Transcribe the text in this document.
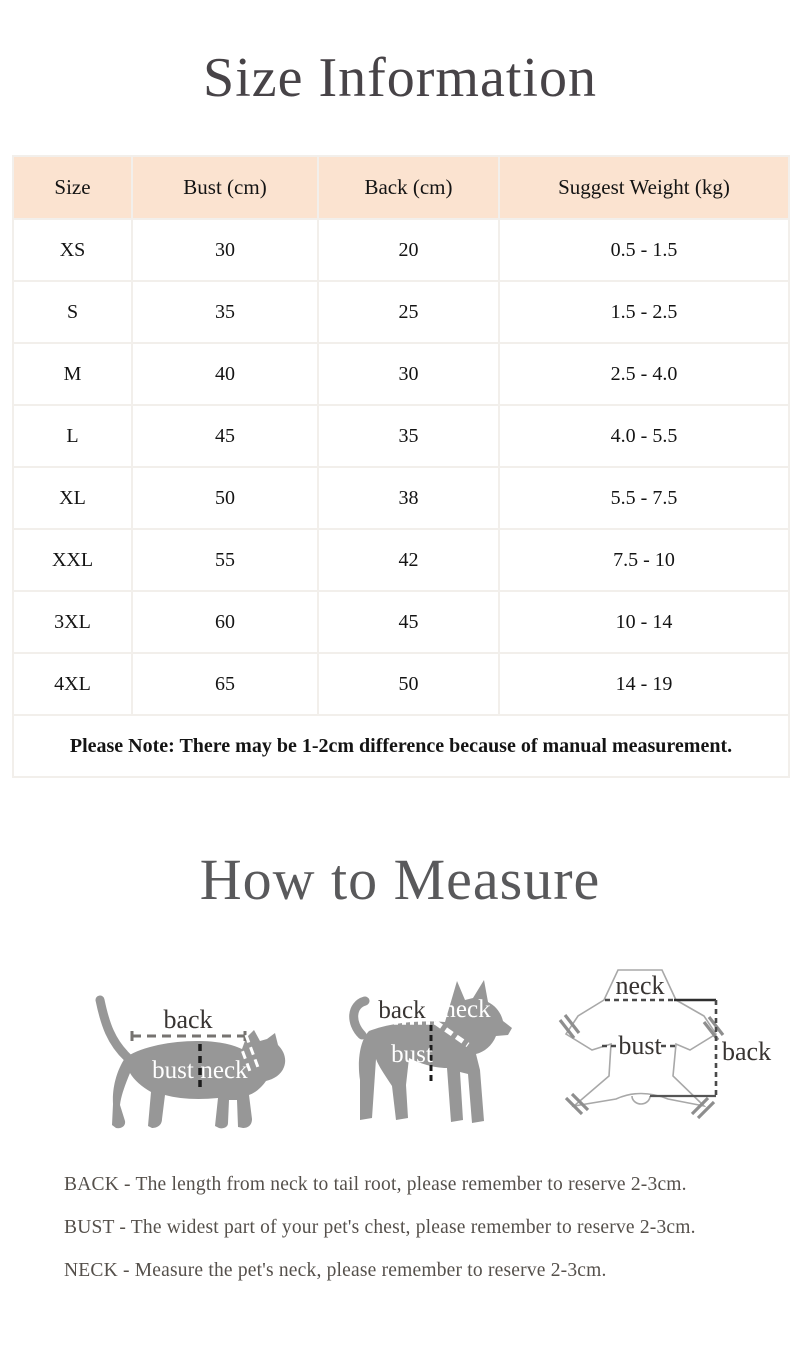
Size Information
Size	Bust (cm)	Back (cm)	Suggest Weight (kg)
XS	30	20	0.5 - 1.5
S	35	25	1.5 - 2.5
M	40	30	2.5 - 4.0
L	45	35	4.0 - 5.5
XL	50	38	5.5 - 7.5
XXL	55	42	7.5 - 10
3XL	60	45	10 - 14
4XL	65	50	14 - 19
Please Note: There may be 1-2cm difference because of manual measurement.			
How to Measure
back
bust neck
back neck
bust
neck
bust back
BACK - The length from neck to tail root, please remember to reserve 2-3cm.
BUST - The widest part of your pet's chest, please remember to reserve 2-3cm.
NECK - Measure the pet's neck, please remember to reserve 2-3cm.
